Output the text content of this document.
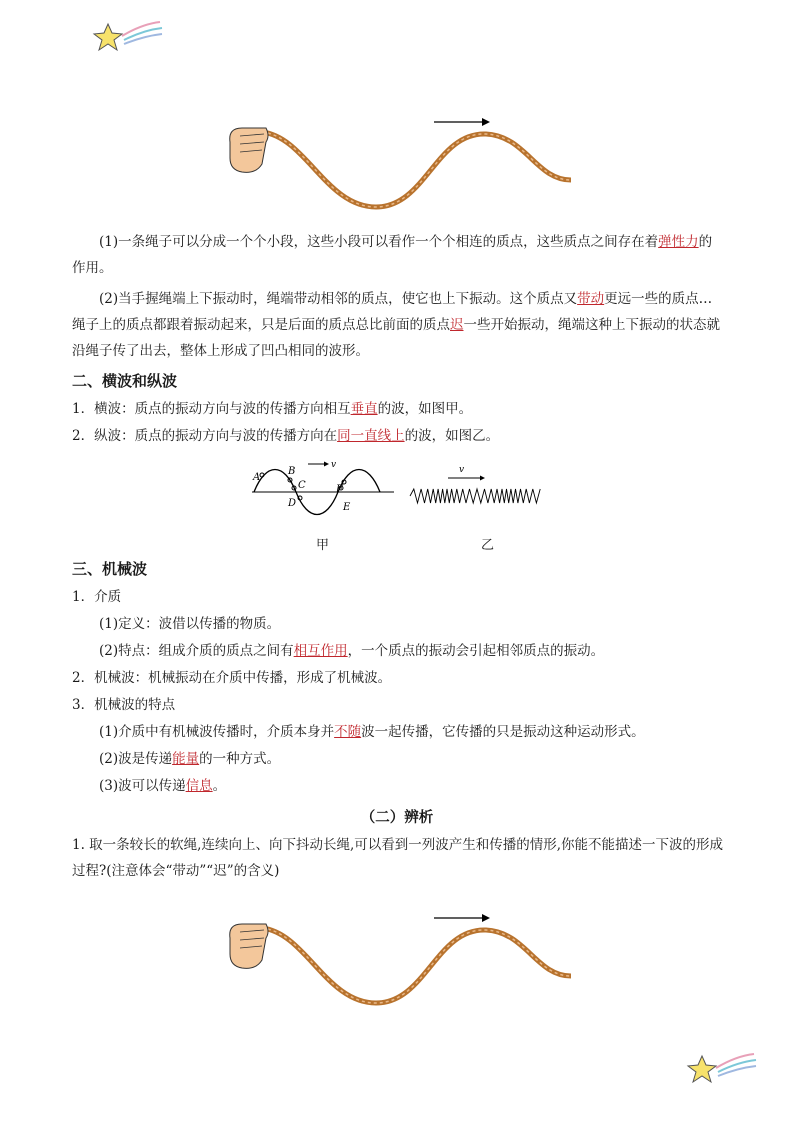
(1)一条绳子可以分成一个个小段，这些小段可以看作一个个相连的质点，这些质点之间存在着弹性力的作用。
(2)当手握绳端上下振动时，绳端带动相邻的质点，使它也上下振动。这个质点又带动更远一些的质点…绳子上的质点都跟着振动起来，只是后面的质点总比前面的质点迟一些开始振动，绳端这种上下振动的状态就沿绳子传了出去，整体上形成了凹凸相同的波形。
二、横波和纵波
1．横波：质点的振动方向与波的传播方向相互垂直的波，如图甲。
2．纵波：质点的振动方向与波的传播方向在同一直线上的波，如图乙。
v
A
B
C
D	E
F
v
甲	乙
三、机械波
1．介质
(1)定义：波借以传播的物质。
(2)特点：组成介质的质点之间有相互作用，一个质点的振动会引起相邻质点的振动。
2．机械波：机械振动在介质中传播，形成了机械波。
3．机械波的特点
(1)介质中有机械波传播时，介质本身并不随波一起传播，它传播的只是振动这种运动形式。
(2)波是传递能量的一种方式。
(3)波可以传递信息。
（二）辨析
1. 取一条较长的软绳,连续向上、向下抖动长绳,可以看到一列波产生和传播的情形,你能不能描述一下波的形成过程?(注意体会“带动”“迟”的含义)
